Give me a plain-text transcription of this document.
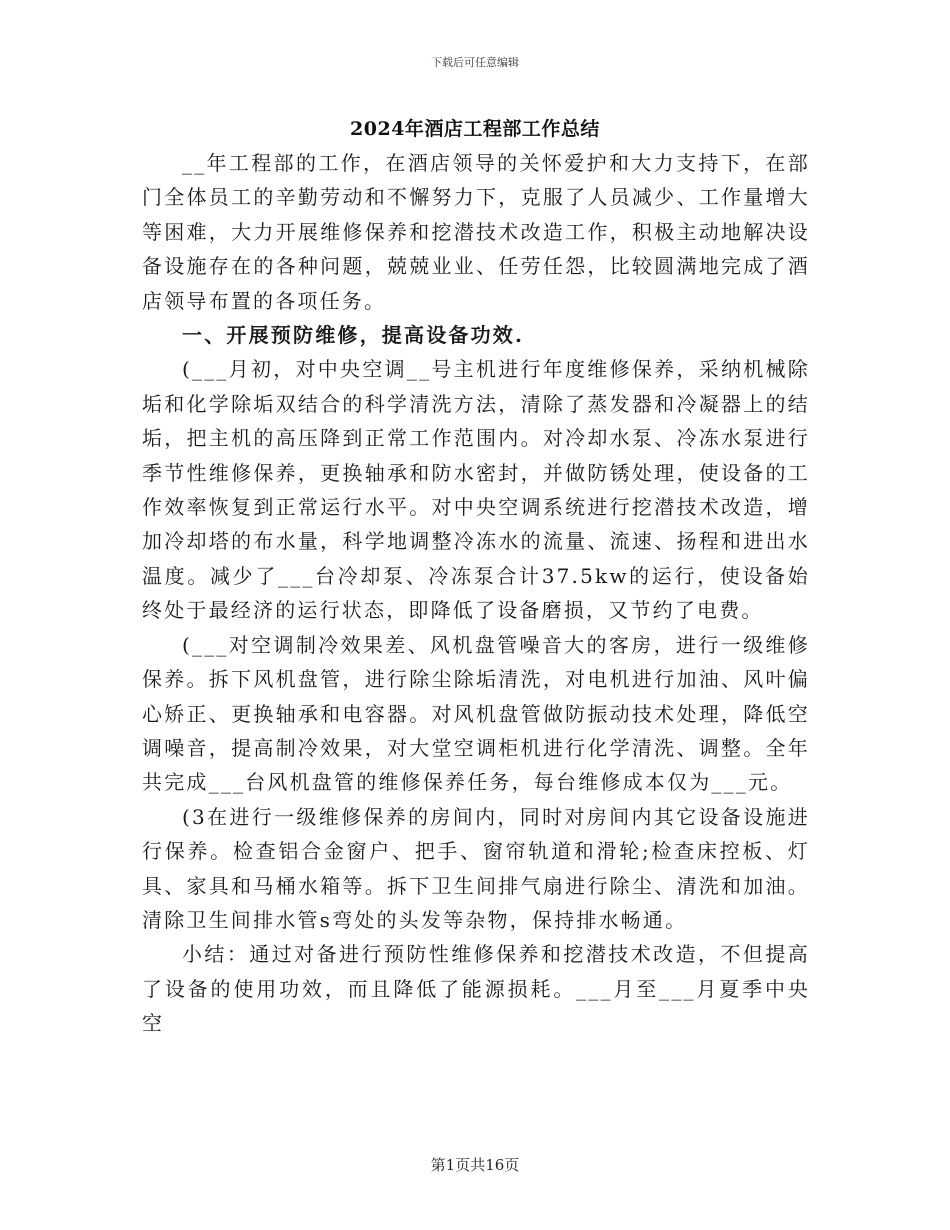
下载后可任意编辑
2024年酒店工程部工作总结

__年工程部的工作，在酒店领导的关怀爱护和大力支持下，在部门全体员工的辛勤劳动和不懈努力下，克服了人员减少、工作量增大等困难，大力开展维修保养和挖潜技术改造工作，积极主动地解决设备设施存在的各种问题，兢兢业业、任劳任怨，比较圆满地完成了酒店领导布置的各项任务。

一、开展预防维修，提高设备功效.

(___月初，对中央空调__号主机进行年度维修保养，采纳机械除垢和化学除垢双结合的科学清洗方法，清除了蒸发器和冷凝器上的结垢，把主机的高压降到正常工作范围内。对冷却水泵、冷冻水泵进行季节性维修保养，更换轴承和防水密封，并做防锈处理，使设备的工作效率恢复到正常运行水平。对中央空调系统进行挖潜技术改造，增加冷却塔的布水量，科学地调整冷冻水的流量、流速、扬程和进出水温度。减少了___台冷却泵、冷冻泵合计37.5kw的运行，使设备始终处于最经济的运行状态，即降低了设备磨损，又节约了电费。

(___对空调制冷效果差、风机盘管噪音大的客房，进行一级维修保养。拆下风机盘管，进行除尘除垢清洗，对电机进行加油、风叶偏心矫正、更换轴承和电容器。对风机盘管做防振动技术处理，降低空调噪音，提高制冷效果，对大堂空调柜机进行化学清洗、调整。全年共完成___台风机盘管的维修保养任务，每台维修成本仅为___元。

(3在进行一级维修保养的房间内，同时对房间内其它设备设施进行保养。检查铝合金窗户、把手、窗帘轨道和滑轮;检查床控板、灯具、家具和马桶水箱等。拆下卫生间排气扇进行除尘、清洗和加油。清除卫生间排水管s弯处的头发等杂物，保持排水畅通。

小结：通过对备进行预防性维修保养和挖潜技术改造，不但提高了设备的使用功效，而且降低了能源损耗。___月至___月夏季中央空

第1页共16页
